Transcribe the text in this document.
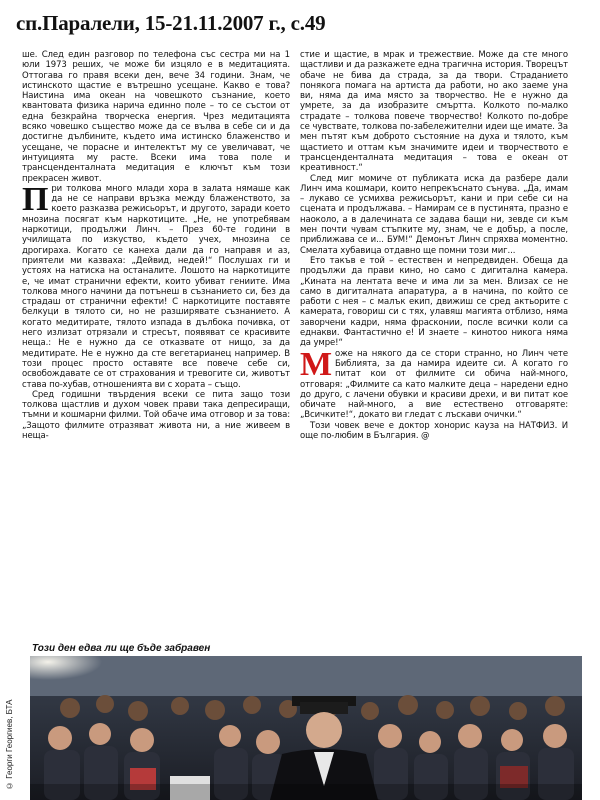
сп.Паралели, 15-21.11.2007 г., с.49

ше. След един разговор по телефона със сестра ми на 1 юли 1973 реших, че може би изцяло е в медитацията. Оттогава го правя всеки ден, вече 34 години. Знам, че истинското щастие е вътрешно усещане. Какво е това? Наистина има океан на човешкото съзнание, което квантовата физика нарича единно поле – то се състои от една безкрайна творческа енергия. Чрез медитацията всяко човешко същество може да се вълва в себе си и да достигне дълбините, където има истинско блаженство и усещане, че порасне и интелектът му се увеличават, че интуицията му расте. Всеки има това поле и трансценденталната медитация е ключът към този прекрасен живот.

При толкова много млади хора в залата нямаше как да не се направи връзка между блаженството, за което разказва режисьорът, и другото, заради което мнозина посягат към наркотиците. „Не, не употребявам наркотици, продължи Линч. – През 60-те години в училищата по изкуство, където учех, мнозина се дрогираха. Когато се канеха дали да го направя и аз, приятели ми казваха: „Дейвид, недей!“ Послушах ги и устоях на натиска на останалите. Лошото на наркотиците е, че имат странични ефекти, които убиват гениите. Има толкова много начини да потънеш в съзнанието си, без да страдаш от странични ефекти! С наркотиците поставяте белкуци в тялото си, но не разширявате съзнанието. А когато медитирате, тялото изпада в дълбока почивка, от него излизат отрязали и стресът, появяват се красивите неща.: Не е нужно да се отказвате от нищо, за да медитирате. Не е нужно да сте вегетарианец например. В този процес просто оставяте все повече себе си, освобождавате се от страхования и тревогите си, животът ставa по-хубав, отношенията ви с хората – също.

Сред годишни твърдения всеки се пита защо този толкова щастлив и духом човек прави така депресиращи, тъмни и кошмарни филми. Той обаче има отговор и за това: „Защото филмите отразяват живота ни, а ние живеем в неща-

стие и щастие, в мрак и трежествие. Може да сте много щастливи и да разкажете една трагична история. Творецът обаче не бива да страда, за да твори. Страданието понякога помага на артиста да работи, но ако заеме уна ви, няма да има място за творчество. Не е нужно да умрете, за да изобразите смъртта. Колкото по-малко страдате – толкова повече творчество! Колкото по-добре се чувствате, толкова по-забележителни идеи ще имате. За мен пътят към доброто състояние на духа и тялото, към щастието и оттам към значимите идеи и творчеството е трансценденталната медитация – това е океан от креативност.“

След миг момиче от публиката иска да разбере дали Линч има кошмари, които непрекъснато сънува. „Да, имам – лукаво се усмихва режисьорът, кани и при себе си на сцената и продължава. – Намирам се в пустинята, празно е наоколо, а в далечината се задава бащи ни, зевде си към мен почти чувам стъпките му, знам, че е добър, а после, приближава се и... БУМ!“ Демонът Линч спряхва моментно. Смелата хубавица отдавно ще помни този миг...

Ето такъв е той – естествен и непредвиден. Обеща да продължи да прави кино, но само с дигитална камера. „Кината на лентата вече и има ли за мен. Влизах се не само в дигиталната апаратура, а в начина, по който се работи с нея – с малък екип, движиш се сред актьорите с камерата, говориш си с тях, улавяш магията отблизо, няма заворчени кадри, няма фрасконии, после всички коли са еднакви. Фантастично е! И знаете – кинотоо никога няма да умре!“

Може на някого да се стори странно, но Линч чете Библията, за да намира идеите си. А когато го питат кои от филмите си обича най-много, отговаря: „Филмите са като малките деца – наредени едно до друго, с лачени обувки и красиви дрехи, и ви питат кое обичате най-много, а вие естествено отговаряте: „Всичките!“, докато ви гледат с лъскави очички.“

Този човек вече е доктор хонорис кауза на НАТФИЗ. И още по-любим в България. @

Този ден едва ли ще бъде забравен
© Георги Георгиев, БТА
